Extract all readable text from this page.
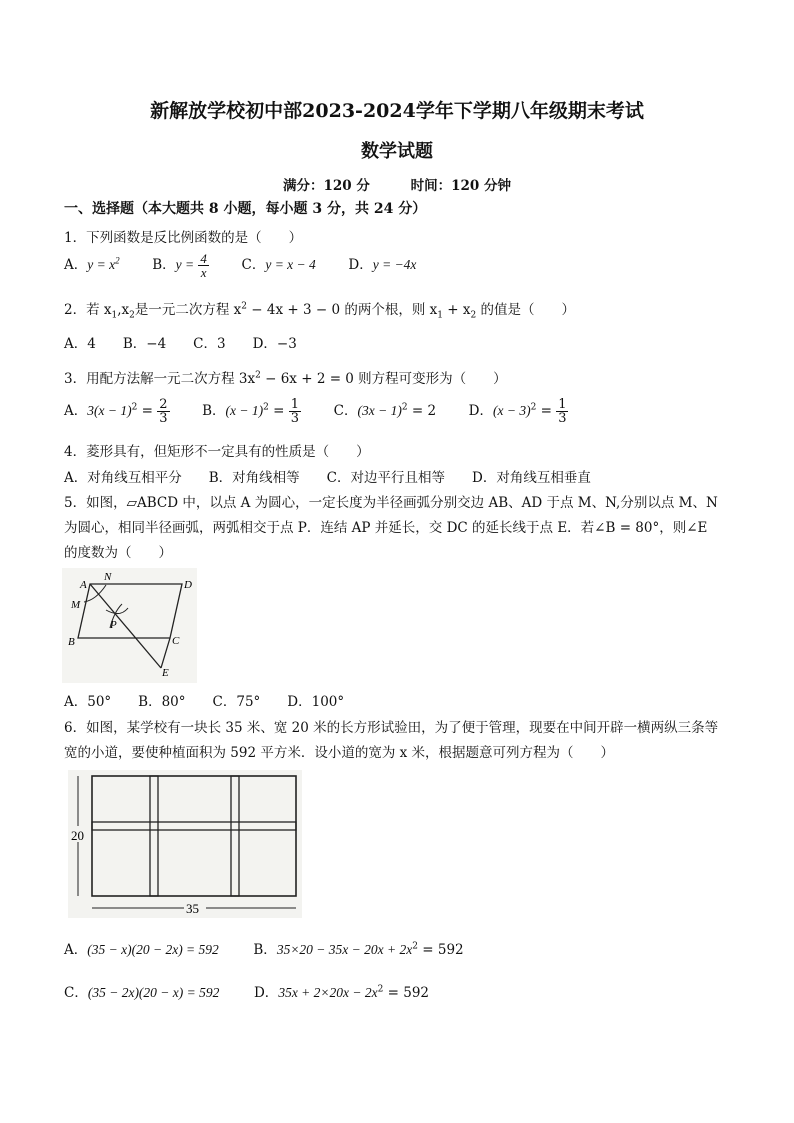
新解放学校初中部2023-2024学年下学期八年级期末考试
数学试题
满分：120 分	时间：120 分钟
一、选择题（本大题共 8 小题，每小题 3 分，共 24 分）
1．下列函数是反比例函数的是（　　）
A．$y = x^2$ B．$y = \frac{4}{x}$ C．y = x − 4 D．y = −4x
2．若 $x_1,x_2$是一元二次方程 $x^2 - 4x + 3 - 0$ 的两个根，则 $x_1 + x_2$ 的值是（　　）
A．4　　B．−4　　C．3　　D．−3
3．用配方法解一元二次方程 $3x^2 - 6x + 2 = 0$ 则方程可变形为（　　）
A．$3(x - 1)^2 = \frac{2}{3}$ B．$(x - 1)^2 = \frac{1}{3}$ C．$(3x - 1)^2 = 2$ D．$(x - 3)^2 = \frac{1}{3}$
4．菱形具有，但矩形不一定具有的性质是（　　）
A．对角线互相平分　　B．对角线相等　　C．对边平行且相等　　D．对角线互相垂直
5．如图，▱ABCD 中，以点 A 为圆心，一定长度为半径画弧分别交边 AB、AD 于点 M、N,分别以点 M、N
为圆心，相同半径画弧，两弧相交于点 P．连结 AP 并延长，交 DC 的延长线于点 E．若∠B = 80°，则∠E
的度数为（　　）
A
N
D
M
P
B	C
E
A．50°　　B．80°　　C．75°　　D．100°
6．如图，某学校有一块长 35 米、宽 20 米的长方形试验田，为了便于管理，现要在中间开辟一横两纵三条等
宽的小道，要使种植面积为 592 平方米．设小道的宽为 x 米，根据题意可列方程为（　　）
20
35
A．(35 − x)(20 − 2x) = 592	B．$35\times 20 - 35x - 20x + 2x^2 = 592$
C．(35 − 2x)(20 − x) = 592	D．$35x + 2\times 20x - 2x^2 = 592$
